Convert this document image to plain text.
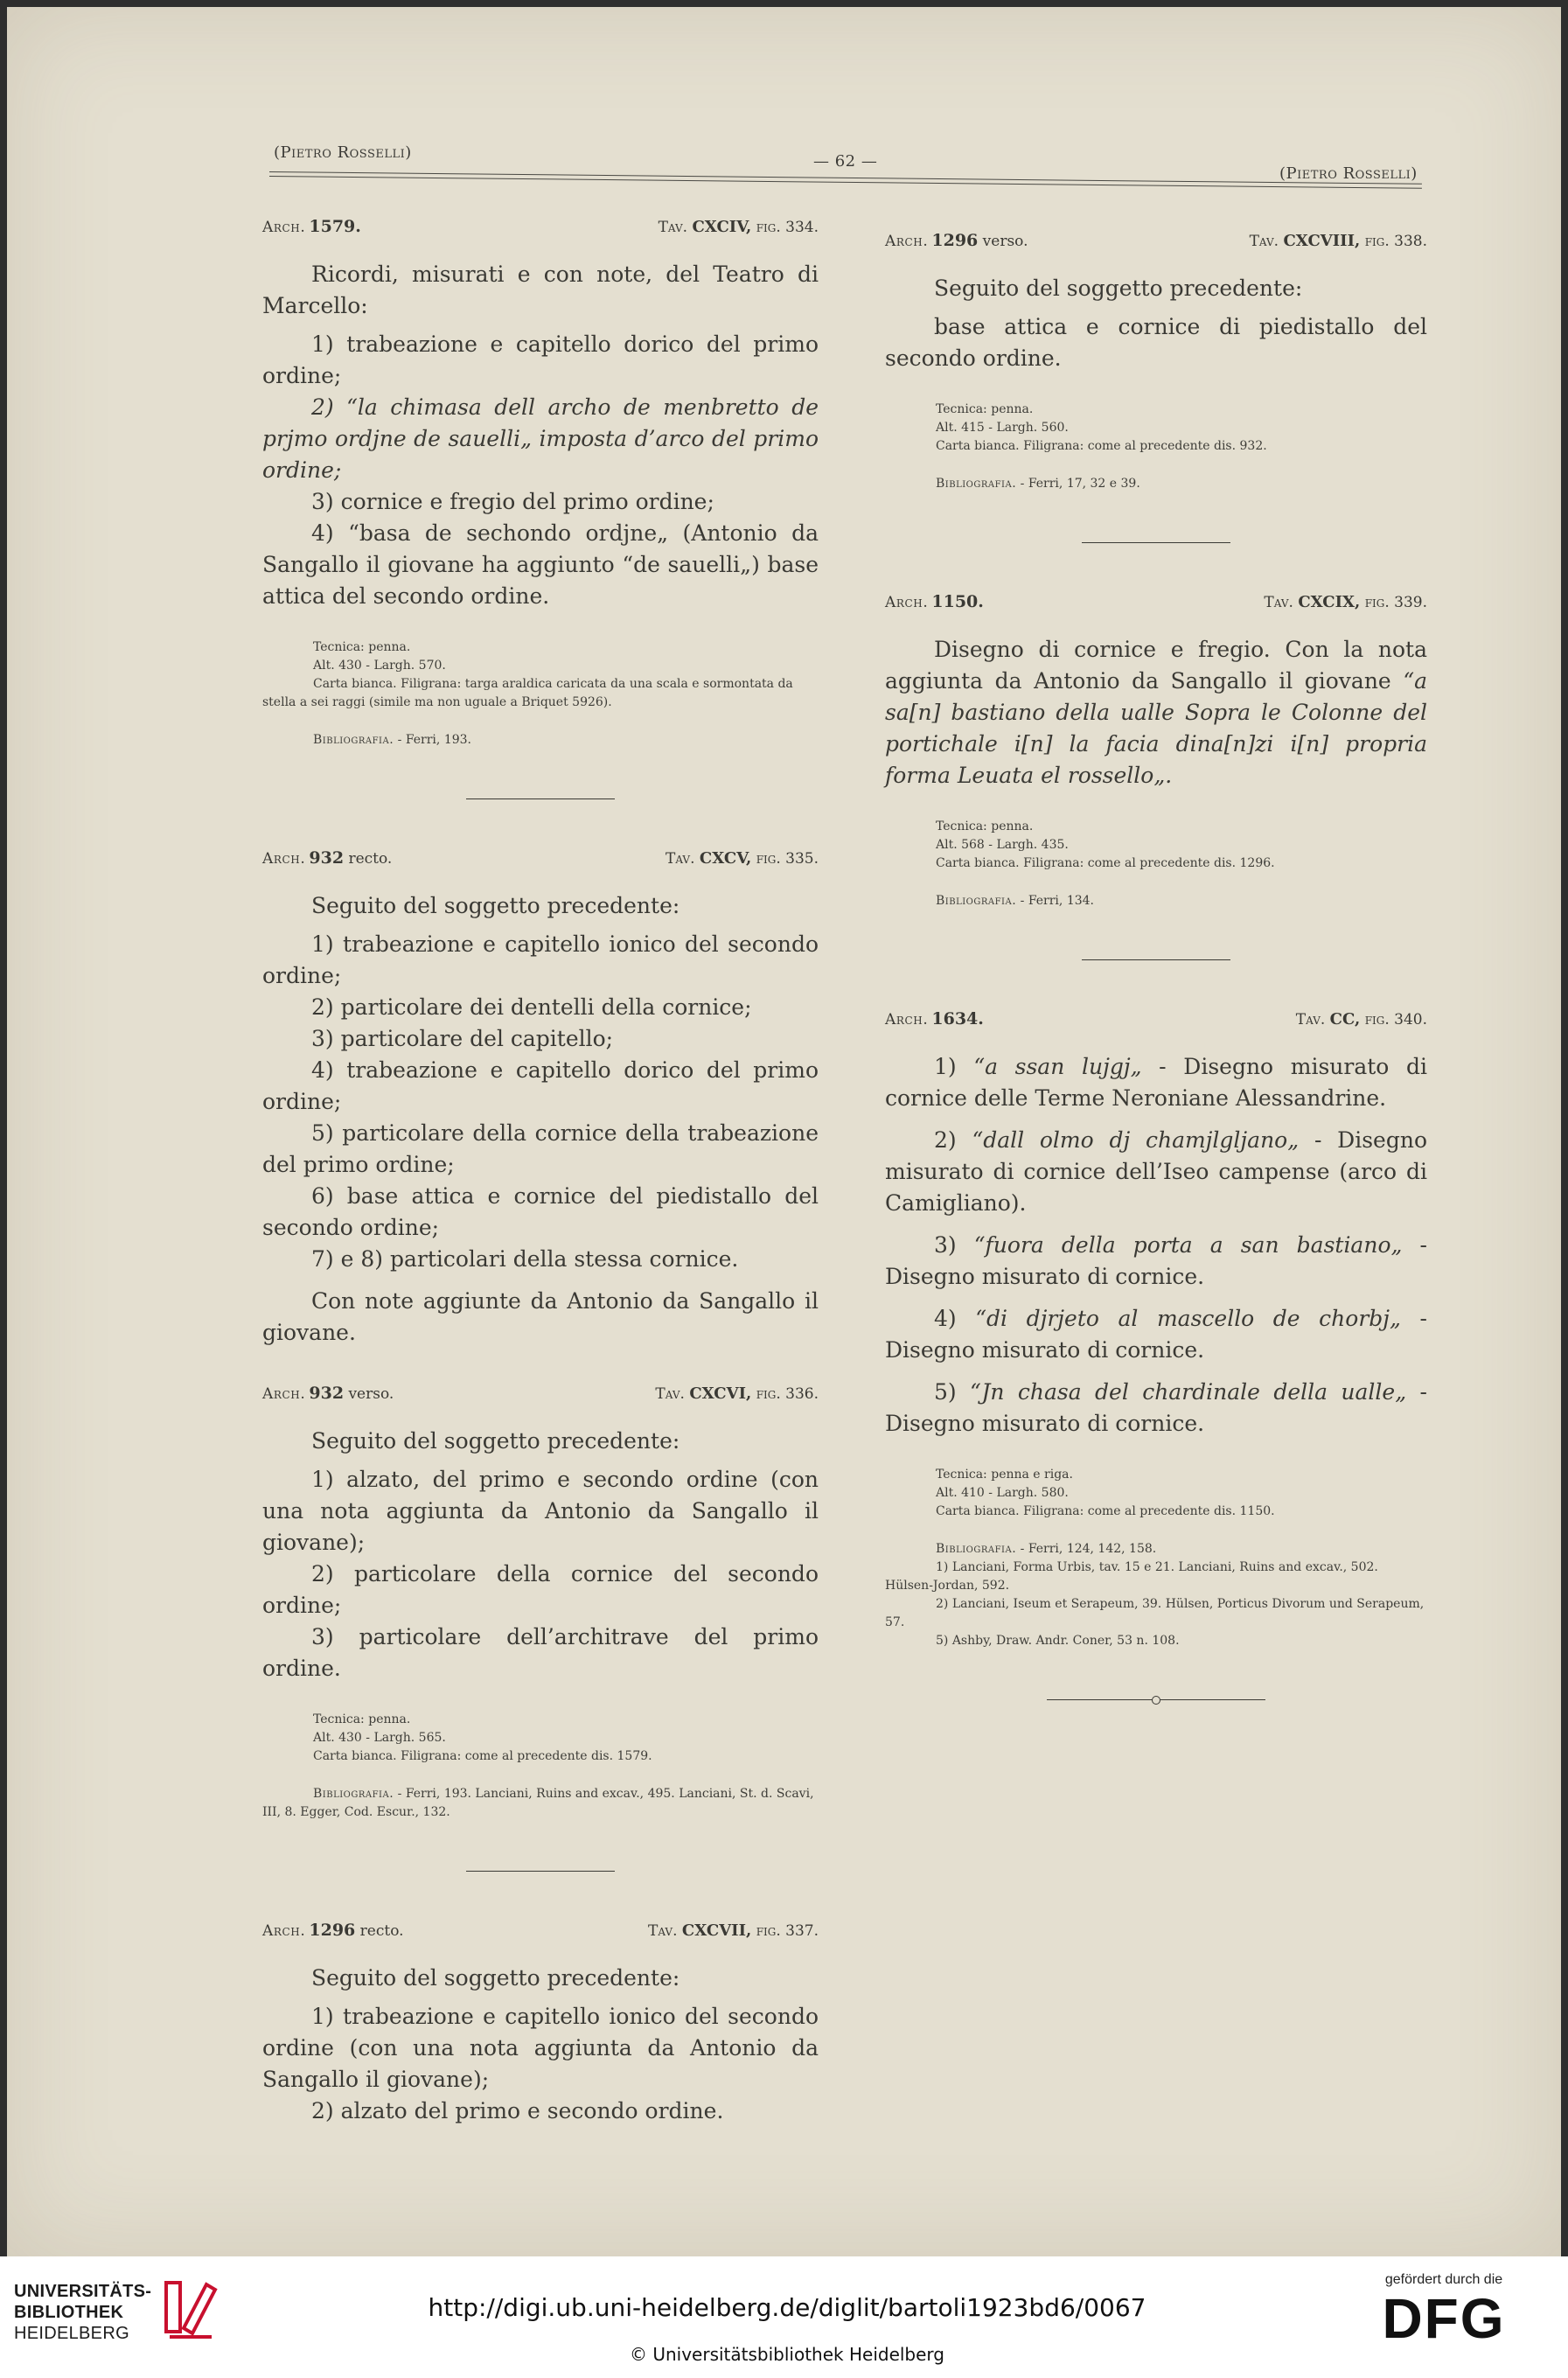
(Pietro Rosselli)	— 62 —
(Pietro Rosselli)
Arch. 1579.	Tav. CXCIV, fig. 334.

Ricordi, misurati e con note, del Teatro di Marcello:

1) trabeazione e capitello dorico del primo ordine;

2) “la chimasa dell archo de menbretto de prjmo ordjne de sauelli„ imposta d’arco del primo ordine;

3) cornice e fregio del primo ordine;

4) “basa de sechondo ordjne„ (Antonio da Sangallo il giovane ha aggiunto “de sauelli„) base attica del secondo ordine.

Tecnica: penna.

Alt. 430 - Largh. 570.

Carta bianca. Filigrana: targa araldica caricata da una scala e sormontata da stella a sei raggi (simile ma non uguale a Briquet 5926).

Bibliografia. - Ferri, 193.

Arch. 932 recto.	Tav. CXCV, fig. 335.

Seguito del soggetto precedente:

1) trabeazione e capitello ionico del secondo ordine;

2) particolare dei dentelli della cornice;

3) particolare del capitello;

4) trabeazione e capitello dorico del primo ordine;

5) particolare della cornice della trabeazione del primo ordine;

6) base attica e cornice del piedistallo del secondo ordine;

7) e 8) particolari della stessa cornice.

Con note aggiunte da Antonio da Sangallo il giovane.

Arch. 932 verso.	Tav. CXCVI, fig. 336.

Seguito del soggetto precedente:

1) alzato, del primo e secondo ordine (con una nota aggiunta da Antonio da Sangallo il giovane);

2) particolare della cornice del secondo ordine;

3) particolare dell’architrave del primo ordine.

Tecnica: penna.

Alt. 430 - Largh. 565.

Carta bianca. Filigrana: come al precedente dis. 1579.

Bibliografia. - Ferri, 193. Lanciani, Ruins and excav., 495. Lanciani, St. d. Scavi, III, 8. Egger, Cod. Escur., 132.

Arch. 1296 recto.	Tav. CXCVII, fig. 337.

Seguito del soggetto precedente:

1) trabeazione e capitello ionico del secondo ordine (con una nota aggiunta da Antonio da Sangallo il giovane);

2) alzato del primo e secondo ordine.

Arch. 1296 verso.	Tav. CXCVIII, fig. 338.

Seguito del soggetto precedente:

base attica e cornice di piedistallo del secondo ordine.

Tecnica: penna.

Alt. 415 - Largh. 560.

Carta bianca. Filigrana: come al precedente dis. 932.

Bibliografia. - Ferri, 17, 32 e 39.

Arch. 1150.	Tav. CXCIX, fig. 339.

Disegno di cornice e fregio. Con la nota aggiunta da Antonio da Sangallo il giovane “a sa[n] bastiano della ualle Sopra le Colonne del portichale i[n] la facia dina[n]zi i[n] propria forma Leuata el rossello„.

Tecnica: penna.

Alt. 568 - Largh. 435.

Carta bianca. Filigrana: come al precedente dis. 1296.

Bibliografia. - Ferri, 134.

Arch. 1634.	Tav. CC, fig. 340.

1) “a ssan lujgj„ - Disegno misurato di cornice delle Terme Neroniane Alessandrine.

2) “dall olmo dj chamjlgljano„ - Disegno misurato di cornice dell’Iseo campense (arco di Camigliano).

3) “fuora della porta a san bastiano„ - Disegno misurato di cornice.

4) “di djrjeto al mascello de chorbj„ - Disegno misurato di cornice.

5) “Jn chasa del chardinale della ualle„ - Disegno misurato di cornice.

Tecnica: penna e riga.

Alt. 410 - Largh. 580.

Carta bianca. Filigrana: come al precedente dis. 1150.

Bibliografia. - Ferri, 124, 142, 158.

1) Lanciani, Forma Urbis, tav. 15 e 21. Lanciani, Ruins and excav., 502. Hülsen-Jordan, 592.

2) Lanciani, Iseum et Serapeum, 39. Hülsen, Porticus Divorum und Serapeum, 57.

5) Ashby, Draw. Andr. Coner, 53 n. 108.

UNIVERSITÄTS-
BIBLIOTHEK
HEIDELBERG
http://digi.ub.uni-heidelberg.de/diglit/bartoli1923bd6/0067
© Universitätsbibliothek Heidelberg
gefördert durch die
DFG
